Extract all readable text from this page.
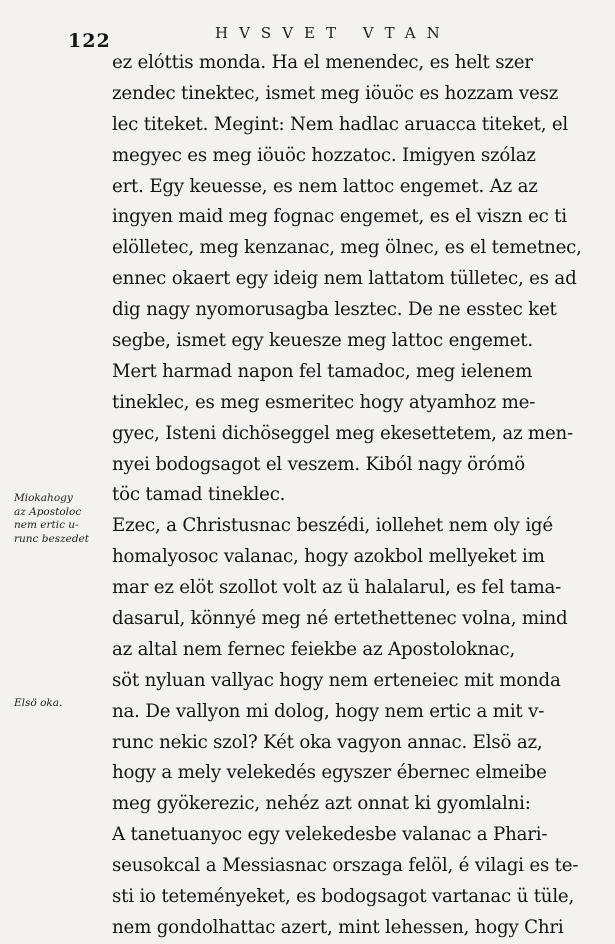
122	HVSVET VTAN
ez elóttis monda. Ha el menendec, es helt szer
zendec tinektec, ismet meg iöuöc es hozzam vesz
lec titeket. Megint: Nem hadlac aruacca titeket, el
megyec es meg iöuöc hozzatoc. Imigyen szólaz
ert. Egy keuesse, es nem lattoc engemet. Az az
ingyen maid meg fognac engemet, es el viszn ec ti
elölletec, meg kenzanac, meg ölnec, es el temetnec,
ennec okaert egy ideig nem lattatom tülletec, es ad
dig nagy nyomorusagba lesztec. De ne esstec ket
segbe, ismet egy keuesze meg lattoc engemet.
Mert harmad napon fel tamadoc, meg ielenem
tineklec, es meg esmeritec hogy atyamhoz me-
gyec, Isteni dichöseggel meg ekesettetem, az men-
nyei bodogsagot el veszem. Kiból nagy örómö
töc tamad tineklec.
Ezec, a Christusnac beszédi, iollehet nem oly igé
homalyosoc valanac, hogy azokbol mellyeket im
mar ez elöt szollot volt az ü halalarul, es fel tama-
dasarul, könnyé meg né ertethettenec volna, mind
az altal nem fernec feiekbe az Apostoloknac,
söt nyluan vallyac hogy nem erteneiec mit monda
na. De vallyon mi dolog, hogy nem ertic a mit v-
runc nekic szol? Két oka vagyon annac. Elsö az,
hogy a mely velekedés egyszer ébernec elmeibe
meg gyökerezic, nehéz azt onnat ki gyomlalni:
A tanetuanyoc egy velekedesbe valanac a Phari-
seusokcal a Messiasnac orszaga felöl, é vilagi es te-
sti io teteményeket, es bodogsagot vartanac ü tüle,
nem gondolhattac azert, mint lehessen, hogy Chri
Miokahogy
az Apostoloc
nem ertic u-
runc beszedet
Elsö oka.
